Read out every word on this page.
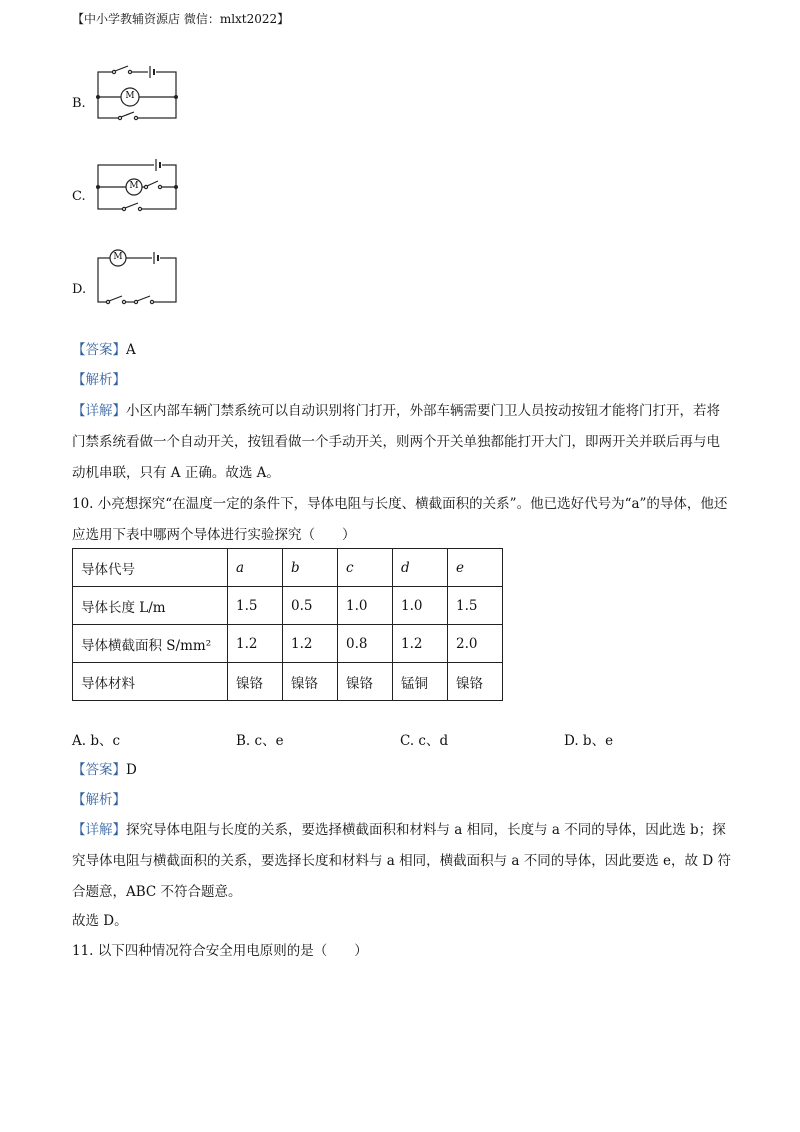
【中小学教辅资源店 微信：mlxt2022】
B.	M
C.
M
D.
M
【答案】A
【解析】
【详解】小区内部车辆门禁系统可以自动识别将门打开，外部车辆需要门卫人员按动按钮才能将门打开，若将门禁系统看做一个自动开关，按钮看做一个手动开关，则两个开关单独都能打开大门，即两开关并联后再与电动机串联，只有 A 正确。故选 A。
10. 小亮想探究“在温度一定的条件下，导体电阻与长度、横截面积的关系”。他已选好代号为“a”的导体，他还应选用下表中哪两个导体进行实验探究（　　）
导体代号	a	b	c	d	e
导体长度 L/m	1.5	0.5	1.0	1.0	1.5
导体横截面积 S/mm²	1.2	1.2	0.8	1.2	2.0
导体材料	镍铬	镍铬	镍铬	锰铜	镍铬
A. b、c	B. c、e	C. c、d	D. b、e
【答案】D
【解析】
【详解】探究导体电阻与长度的关系，要选择横截面积和材料与 a 相同，长度与 a 不同的导体，因此选 b；探究导体电阻与横截面积的关系，要选择长度和材料与 a 相同，横截面积与 a 不同的导体，因此要选 e，故 D 符合题意，ABC 不符合题意。
故选 D。
11. 以下四种情况符合安全用电原则的是（　　）
